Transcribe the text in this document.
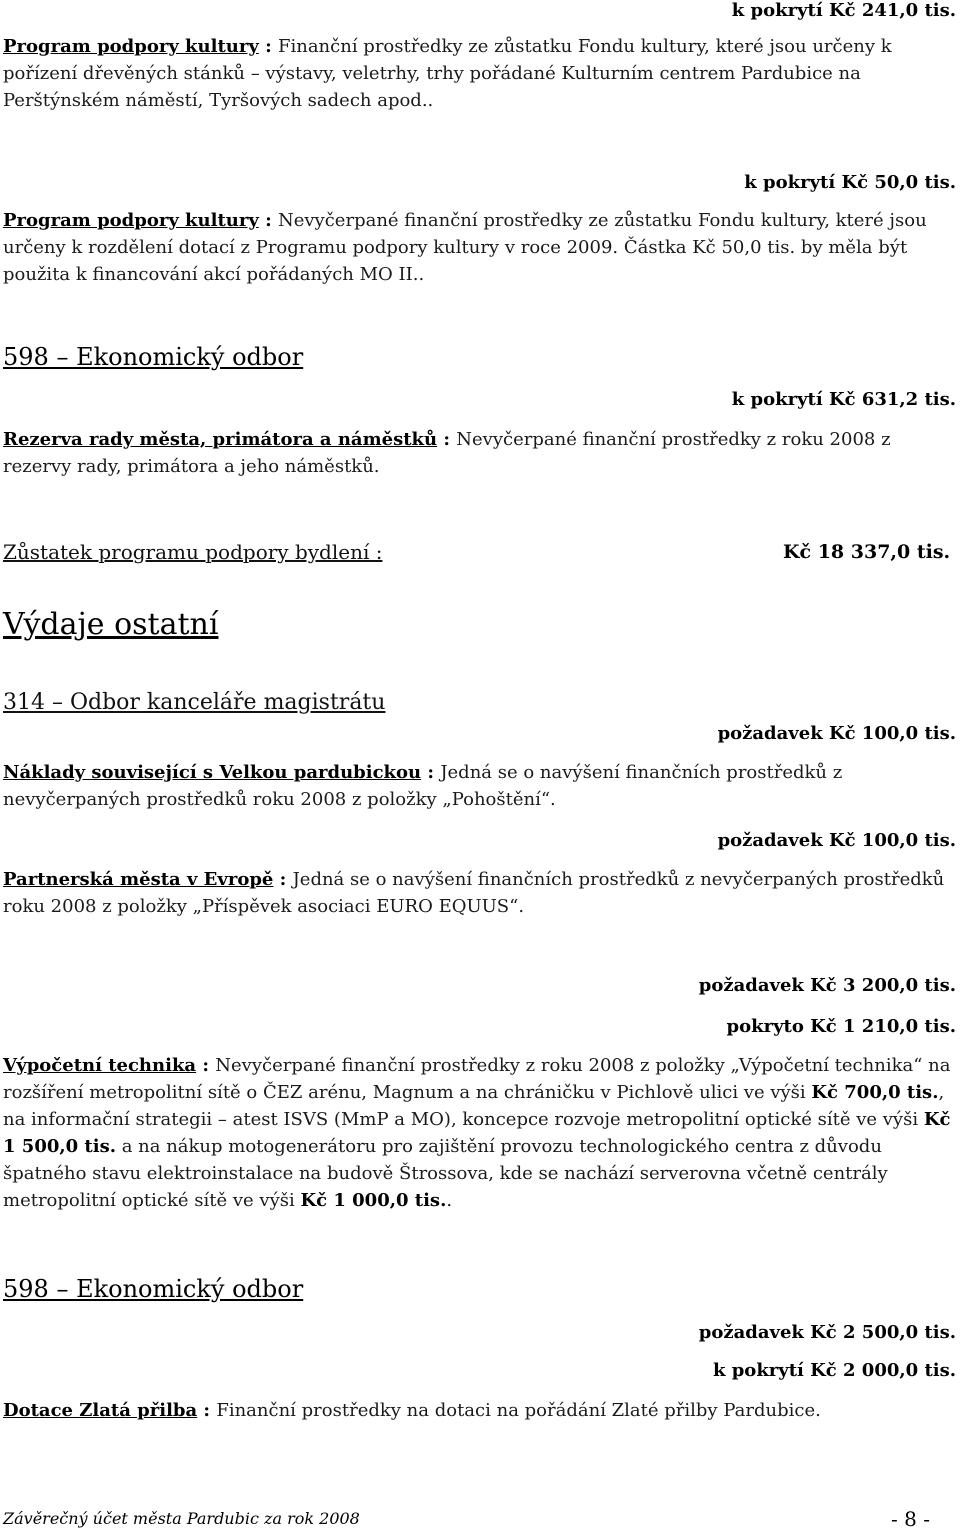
k pokrytí Kč 241,0 tis.
Program podpory kultury : Finanční prostředky ze zůstatku Fondu kultury, které jsou určeny k pořízení dřevěných stánků – výstavy, veletrhy, trhy pořádané Kulturním centrem Pardubice na Perštýnském náměstí, Tyršových sadech apod..
k pokrytí Kč 50,0 tis.
Program podpory kultury : Nevyčerpané finanční prostředky ze zůstatku Fondu kultury, které jsou určeny k rozdělení dotací z Programu podpory kultury v roce 2009. Částka Kč 50,0 tis. by měla být použita k financování akcí pořádaných MO II..
598 – Ekonomický odbor
k pokrytí Kč 631,2 tis.
Rezerva rady města, primátora a náměstků : Nevyčerpané finanční prostředky z roku 2008 z rezervy rady, primátora a jeho náměstků.
Zůstatek programu podpory bydlení :	Kč 18 337,0 tis.
Výdaje ostatní
314 – Odbor kanceláře magistrátu
požadavek Kč 100,0 tis.
Náklady související s Velkou pardubickou : Jedná se o navýšení finančních prostředků z nevyčerpaných prostředků roku 2008 z položky „Pohoštění“.
požadavek Kč 100,0 tis.
Partnerská města v Evropě : Jedná se o navýšení finančních prostředků z nevyčerpaných prostředků roku 2008 z položky „Příspěvek asociaci EURO EQUUS“.
požadavek Kč 3 200,0 tis.
pokryto Kč 1 210,0 tis.
Výpočetní technika : Nevyčerpané finanční prostředky z roku 2008 z položky „Výpočetní technika“ na rozšíření metropolitní sítě o ČEZ arénu, Magnum a na chráničku v Pichlově ulici ve výši Kč 700,0 tis., na informační strategii – atest ISVS (MmP a MO), koncepce rozvoje metropolitní optické sítě ve výši Kč 1 500,0 tis. a na nákup motogenerátoru pro zajištění provozu technologického centra z důvodu špatného stavu elektroinstalace na budově Štrossova, kde se nachází serverovna včetně centrály metropolitní optické sítě ve výši Kč 1 000,0 tis..
598 – Ekonomický odbor
požadavek Kč 2 500,0 tis.
k pokrytí Kč 2 000,0 tis.
Dotace Zlatá přilba : Finanční prostředky na dotaci na pořádání Zlaté přilby Pardubice.
Závěrečný účet města Pardubic za rok 2008	- 8 -
